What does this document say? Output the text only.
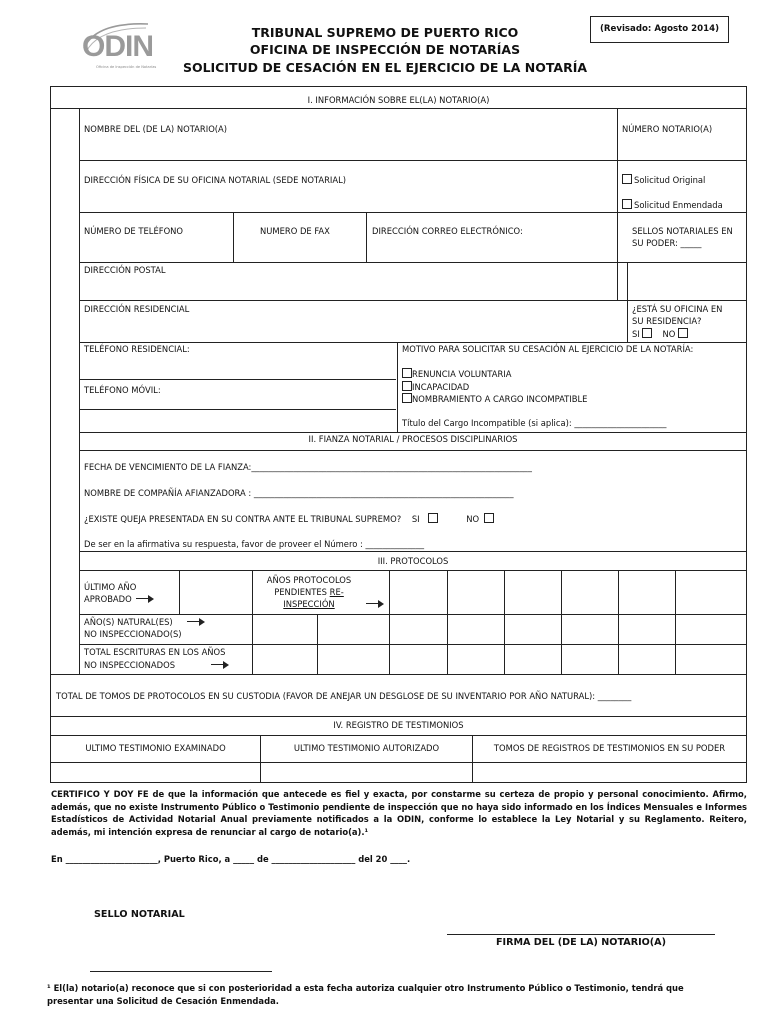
ODIN
Oficina de Inspección de Notarías
TRIBUNAL SUPREMO DE PUERTO RICO
OFICINA DE INSPECCIÓN DE NOTARÍAS
SOLICITUD DE CESACIÓN EN EL EJERCICIO DE LA NOTARÍA
(Revisado: Agosto 2014)
I. INFORMACIÓN SOBRE EL(LA) NOTARIO(A)
NOMBRE DEL (DE LA) NOTARIO(A)	NÚMERO NOTARIO(A)
DIRECCIÓN FÍSICA DE SU OFICINA NOTARIAL (SEDE NOTARIAL)	Solicitud Original
Solicitud Enmendada
NÚMERO DE TELÉFONO	NUMERO DE FAX	DIRECCIÓN CORREO ELECTRÓNICO:	SELLOS NOTARIALES EN
SU PODER: _____
DIRECCIÓN POSTAL
DIRECCIÓN RESIDENCIAL	¿ESTÁ SU OFICINA EN
SU RESIDENCIA?
SI	NO
TELÉFONO RESIDENCIAL:
TELÉFONO MÓVIL:
MOTIVO PARA SOLICITAR SU CESACIÓN AL EJERCICIO DE LA NOTARÍA:
RENUNCIA VOLUNTARIA
INCAPACIDAD
NOMBRAMIENTO A CARGO INCOMPATIBLE
Título del Cargo Incompatible (si aplica): ______________________
II. FIANZA NOTARIAL / PROCESOS DISCIPLINARIOS
FECHA DE VENCIMIENTO DE LA FIANZA:___________________________________________________________________
NOMBRE DE COMPAÑÍA AFIANZADORA : ______________________________________________________________
¿EXISTE QUEJA PRESENTADA EN SU CONTRA ANTE EL TRIBUNAL SUPREMO? SI	NO
De ser en la afirmativa su respuesta, favor de proveer el Número : ______________
III. PROTOCOLOS
ÚLTIMO AÑO
APROBADO
AÑOS PROTOCOLOS
PENDIENTES RE-
INSPECCIÓN
AÑO(S) NATURAL(ES)
NO INSPECCIONADO(S)
TOTAL ESCRITURAS EN LOS AÑOS
NO INSPECCIONADOS
TOTAL DE TOMOS DE PROTOCOLOS EN SU CUSTODIA (FAVOR DE ANEJAR UN DESGLOSE DE SU INVENTARIO POR AÑO NATURAL): ________
IV. REGISTRO DE TESTIMONIOS
ULTIMO TESTIMONIO EXAMINADO	ULTIMO TESTIMONIO AUTORIZADO	TOMOS DE REGISTROS DE TESTIMONIOS EN SU PODER
CERTIFICO Y DOY FE de que la información que antecede es fiel y exacta, por constarme su certeza de propio y personal conocimiento. Afirmo, además, que no existe Instrumento Público o Testimonio pendiente de inspección que no haya sido informado en los Índices Mensuales e Informes Estadísticos de Actividad Notarial Anual previamente notificados a la ODIN, conforme lo establece la Ley Notarial y su Reglamento. Reitero, además, mi intención expresa de renunciar al cargo de notario(a).¹
En ______________________, Puerto Rico, a _____ de ____________________ del 20 ____.
SELLO NOTARIAL
FIRMA DEL (DE LA) NOTARIO(A)
¹ El(la) notario(a) reconoce que si con posterioridad a esta fecha autoriza cualquier otro Instrumento Público o Testimonio, tendrá que
presentar una Solicitud de Cesación Enmendada.
